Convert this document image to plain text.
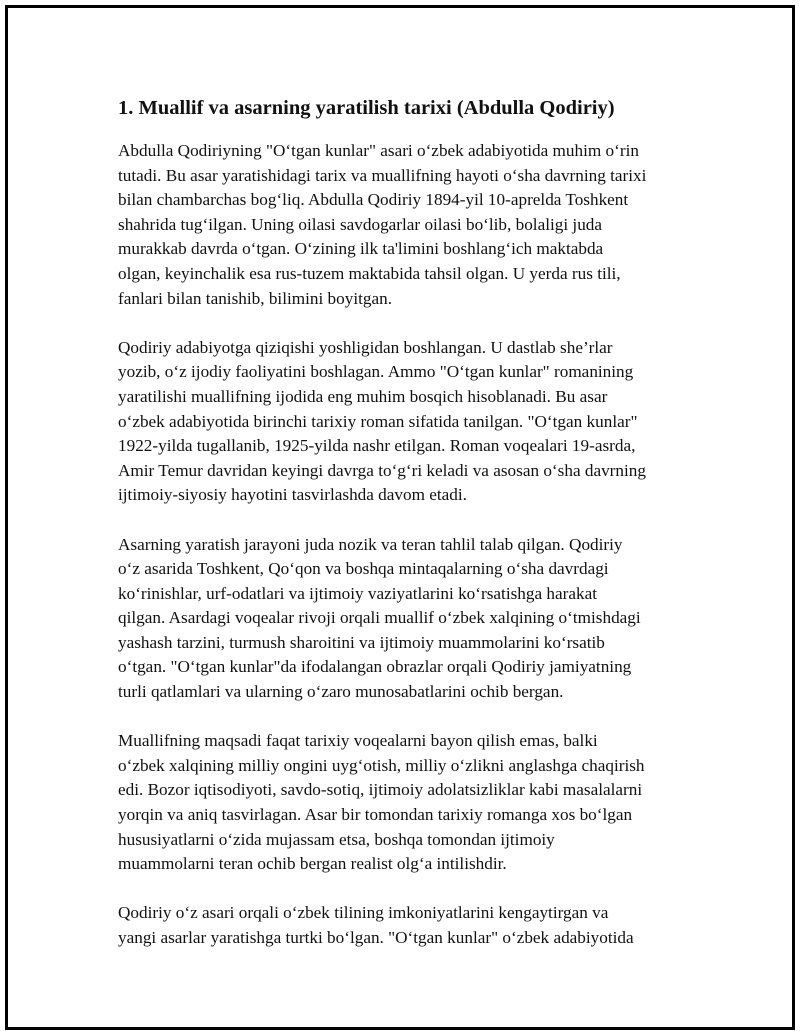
1. Muallif va asarning yaratilish tarixi (Abdulla Qodiriy)
Abdulla Qodiriyning "O‘tgan kunlar" asari o‘zbek adabiyotida muhim o‘rin
tutadi. Bu asar yaratishidagi tarix va muallifning hayoti o‘sha davrning tarixi
bilan chambarchas bog‘liq. Abdulla Qodiriy 1894-yil 10-aprelda Toshkent
shahrida tug‘ilgan. Uning oilasi savdogarlar oilasi bo‘lib, bolaligi juda
murakkab davrda o‘tgan. O‘zining ilk ta'limini boshlang‘ich maktabda
olgan, keyinchalik esa rus-tuzem maktabida tahsil olgan. U yerda rus tili,
fanlari bilan tanishib, bilimini boyitgan.
Qodiriy adabiyotga qiziqishi yoshligidan boshlangan. U dastlab she’rlar
yozib, o‘z ijodiy faoliyatini boshlagan. Ammo "O‘tgan kunlar" romanining
yaratilishi muallifning ijodida eng muhim bosqich hisoblanadi. Bu asar
o‘zbek adabiyotida birinchi tarixiy roman sifatida tanilgan. "O‘tgan kunlar"
1922-yilda tugallanib, 1925-yilda nashr etilgan. Roman voqealari 19-asrda,
Amir Temur davridan keyingi davrga to‘g‘ri keladi va asosan o‘sha davrning
ijtimoiy-siyosiy hayotini tasvirlashda davom etadi.
Asarning yaratish jarayoni juda nozik va teran tahlil talab qilgan. Qodiriy
o‘z asarida Toshkent, Qo‘qon va boshqa mintaqalarning o‘sha davrdagi
ko‘rinishlar, urf-odatlari va ijtimoiy vaziyatlarini ko‘rsatishga harakat
qilgan. Asardagi voqealar rivoji orqali muallif o‘zbek xalqining o‘tmishdagi
yashash tarzini, turmush sharoitini va ijtimoiy muammolarini ko‘rsatib
o‘tgan. "O‘tgan kunlar"da ifodalangan obrazlar orqali Qodiriy jamiyatning
turli qatlamlari va ularning o‘zaro munosabatlarini ochib bergan.
Muallifning maqsadi faqat tarixiy voqealarni bayon qilish emas, balki
o‘zbek xalqining milliy ongini uyg‘otish, milliy o‘zlikni anglashga chaqirish
edi. Bozor iqtisodiyoti, savdo-sotiq, ijtimoiy adolatsizliklar kabi masalalarni
yorqin va aniq tasvirlagan. Asar bir tomondan tarixiy romanga xos bo‘lgan
hususiyatlarni o‘zida mujassam etsa, boshqa tomondan ijtimoiy
muammolarni teran ochib bergan realist olg‘a intilishdir.
Qodiriy o‘z asari orqali o‘zbek tilining imkoniyatlarini kengaytirgan va
yangi asarlar yaratishga turtki bo‘lgan. "O‘tgan kunlar" o‘zbek adabiyotida
